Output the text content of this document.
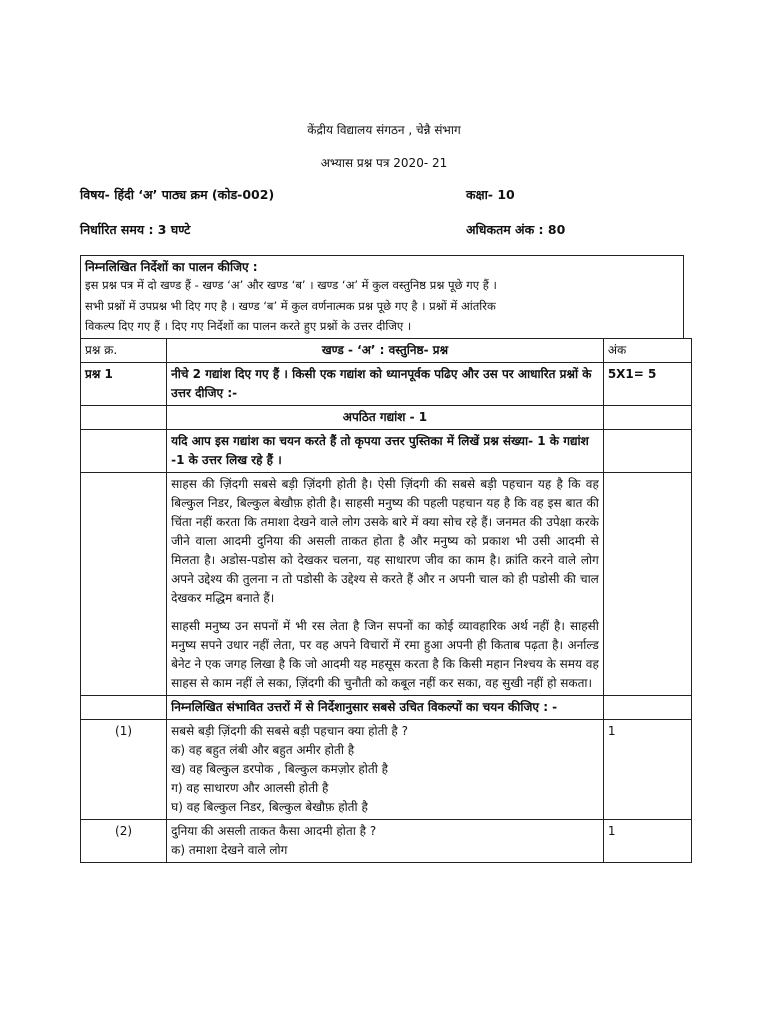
केंद्रीय विद्यालय संगठन , चेन्नै संभाग
अभ्यास प्रश्न पत्र 2020- 21
विषय- हिंदी ‘अ’ पाठ्य क्रम (कोड-002)	कक्षा- 10
निर्धारित समय : 3 घण्टे	अधिकतम अंक : 80
निम्नलिखित निर्देशों का पालन कीजिए :
इस प्रश्न पत्र में दो खण्ड हैं - खण्ड ‘अ’ और खण्ड ‘ब’ । खण्ड ‘अ’ में कुल वस्तुनिष्ठ प्रश्न पूछे गए हैं ।
सभी प्रश्नों में उपप्रश्न भी दिए गए है । खण्ड ‘ब’ में कुल वर्णनात्मक प्रश्न पूछे गए है । प्रश्नों में आंतरिक
विकल्प दिए गए हैं । दिए गए निर्देशों का पालन करते हुए प्रश्नों के उत्तर दीजिए ।
प्रश्न क्र.	खण्ड - ‘अ’ : वस्तुनिष्ठ- प्रश्न	अंक
प्रश्न 1	नीचे 2 गद्यांश दिए गए हैं । किसी एक गद्यांश को ध्यानपूर्वक पढिए और उस पर आधारित प्रश्नों के उत्तर दीजिए :-	5X1= 5
	अपठित गद्यांश - 1	
	यदि आप इस गद्यांश का चयन करते हैं तो कृपया उत्तर पुस्तिका में लिखें प्रश्न संख्या- 1 के गद्यांश -1 के उत्तर लिख रहे हैं ।	

	साहस की ज़िंदगी सबसे बड़ी ज़िंदगी होती है। ऐसी ज़िंदगी की सबसे बड़ी पहचान यह है कि वह बिल्कुल निडर, बिल्कुल बेखौफ़ होती है। साहसी मनुष्य की पहली पहचान यह है कि वह इस बात की चिंता नहीं करता कि तमाशा देखने वाले लोग उसके बारे में क्या सोच रहे हैं। जनमत की उपेक्षा करके जीने वाला आदमी दुनिया की असली ताकत होता है और मनुष्य को प्रकाश भी उसी आदमी से मिलता है। अडोस-पडोस को देखकर चलना, यह साधारण जीव का काम है। क्रांति करने वाले लोग अपने उद्देश्य की तुलना न तो पडोसी के उद्देश्य से करते हैं और न अपनी चाल को ही पडोसी की चाल देखकर मद्धिम बनाते हैं।

साहसी मनुष्य उन सपनों में भी रस लेता है जिन सपनों का कोई व्यावहारिक अर्थ नहीं है। साहसी मनुष्य सपने उधार नहीं लेता, पर वह अपने विचारों में रमा हुआ अपनी ही किताब पढ़ता है। अर्नाल्ड बेनेट ने एक जगह लिखा है कि जो आदमी यह महसूस करता है कि किसी महान निश्चय के समय वह साहस से काम नहीं ले सका, ज़िंदगी की चुनौती को कबूल नहीं कर सका, वह सुखी नहीं हो सकता।	

	निम्नलिखित संभावित उत्तरों में से निर्देशानुसार सबसे उचित विकल्पों का चयन कीजिए : -	
(1)	सबसे बड़ी ज़िंदगी की सबसे बड़ी पहचान क्या होती है ?
क) वह बहुत लंबी और बहुत अमीर होती है
ख) वह बिल्कुल डरपोक , बिल्कुल कमज़ोर होती है
ग) वह साधारण और आलसी होती है
घ) वह बिल्कुल निडर, बिल्कुल बेखौफ़ होती है	1
(2)	दुनिया की असली ताकत कैसा आदमी होता है ?
क) तमाशा देखने वाले लोग	1
